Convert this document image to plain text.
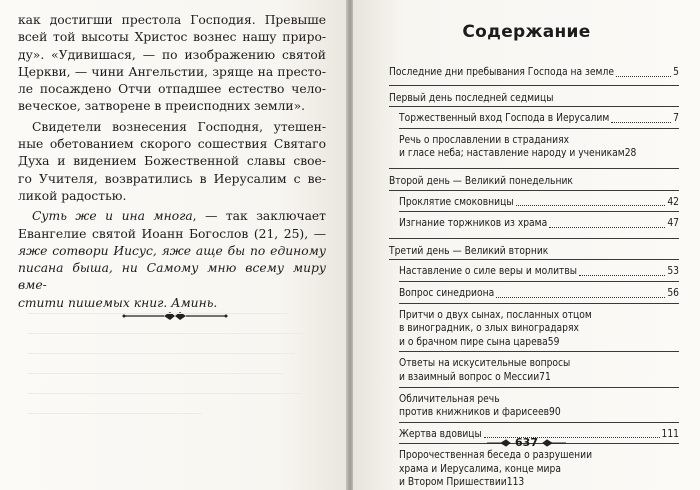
как достигши престола Господия. Превыше
всей той высоты Христос вознес нашу приро-
ду». «Удивишася, — по изображению святой
Церкви, — чини Ангельстии, зряще на престо-
ле посаждено Отчи отпадшее естество чело-
веческое, затворене в преисподних земли».
Свидетели вознесения Господня, утешен-
ные обетованием скорого сошествия Святаго
Духа и видением Божественной славы свое-
го Учителя, возвратились в Иерусалим с ве-
ликой радостью.
Суть же и ина многа, — так заключает
Евангелие святой Иоанн Богослов (21, 25), —
яже сотвори Иисус, яже аще бы по единому
писана быша, ни Самому мню всему миру вме-
стити пишемых книг. Аминь.
Содержание
Последние дни пребывания Господа на земле	5
Первый день последней седмицы
Торжественный вход Господа в Иерусалим	7
Речь о прославлении в страданиях
и гласе неба; наставление народу и ученикам 28
Второй день — Великий понедельник
Проклятие смоковницы	42
Изгнание торжников из храма	47
Третий день — Великий вторник
Наставление о силе веры и молитвы	53
Вопрос синедриона	56
Притчи о двух сынах, посланных отцом
в виноградник, о злых виноградарях
и о брачном пире сына царева 59
Ответы на искусительные вопросы
и взаимный вопрос о Мессии 71
Обличительная речь
против книжников и фарисеев 90
Жертва вдовицы	111
Пророчественная беседа о разрушении
храма и Иерусалима, конце мира
и Втором Пришествии 113
637
